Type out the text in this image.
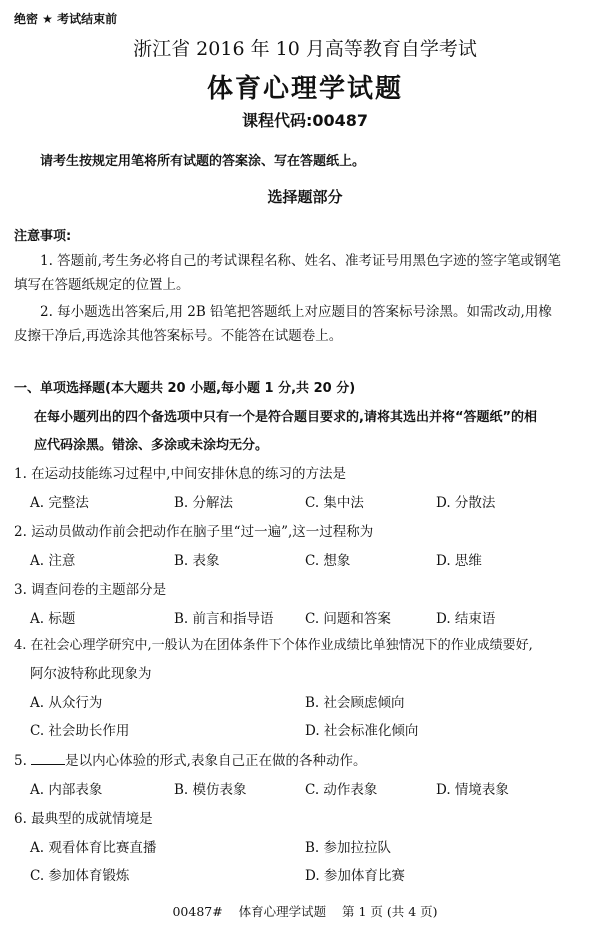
绝密 ★ 考试结束前
浙江省 2016 年 10 月高等教育自学考试
体育心理学试题
课程代码:00487
请考生按规定用笔将所有试题的答案涂、写在答题纸上。
选择题部分
注意事项:
1. 答题前,考生务必将自己的考试课程名称、姓名、准考证号用黑色字迹的签字笔或钢笔
填写在答题纸规定的位置上。
2. 每小题选出答案后,用 2B 铅笔把答题纸上对应题目的答案标号涂黑。如需改动,用橡
皮擦干净后,再选涂其他答案标号。不能答在试题卷上。
一、单项选择题(本大题共 20 小题,每小题 1 分,共 20 分)
在每小题列出的四个备选项中只有一个是符合题目要求的,请将其选出并将“答题纸”的相
应代码涂黑。错涂、多涂或未涂均无分。
1. 在运动技能练习过程中,中间安排休息的练习的方法是
A. 完整法	B. 分解法	C. 集中法	D. 分散法
2. 运动员做动作前会把动作在脑子里“过一遍”,这一过程称为
A. 注意	B. 表象	C. 想象	D. 思维
3. 调查问卷的主题部分是
A. 标题	B. 前言和指导语 C. 问题和答案	D. 结束语
4. 在社会心理学研究中,一般认为在团体条件下个体作业成绩比单独情况下的作业成绩要好,
阿尔波特称此现象为
A. 从众行为	B. 社会顾虑倾向
C. 社会助长作用	D. 社会标准化倾向
5.	是以内心体验的形式,表象自己正在做的各种动作。
A. 内部表象	B. 模仿表象	C. 动作表象	D. 情境表象
6. 最典型的成就情境是
A. 观看体育比赛直播	B. 参加拉拉队
C. 参加体育锻炼	D. 参加体育比赛
00487#    体育心理学试题    第 1 页 (共 4 页)
